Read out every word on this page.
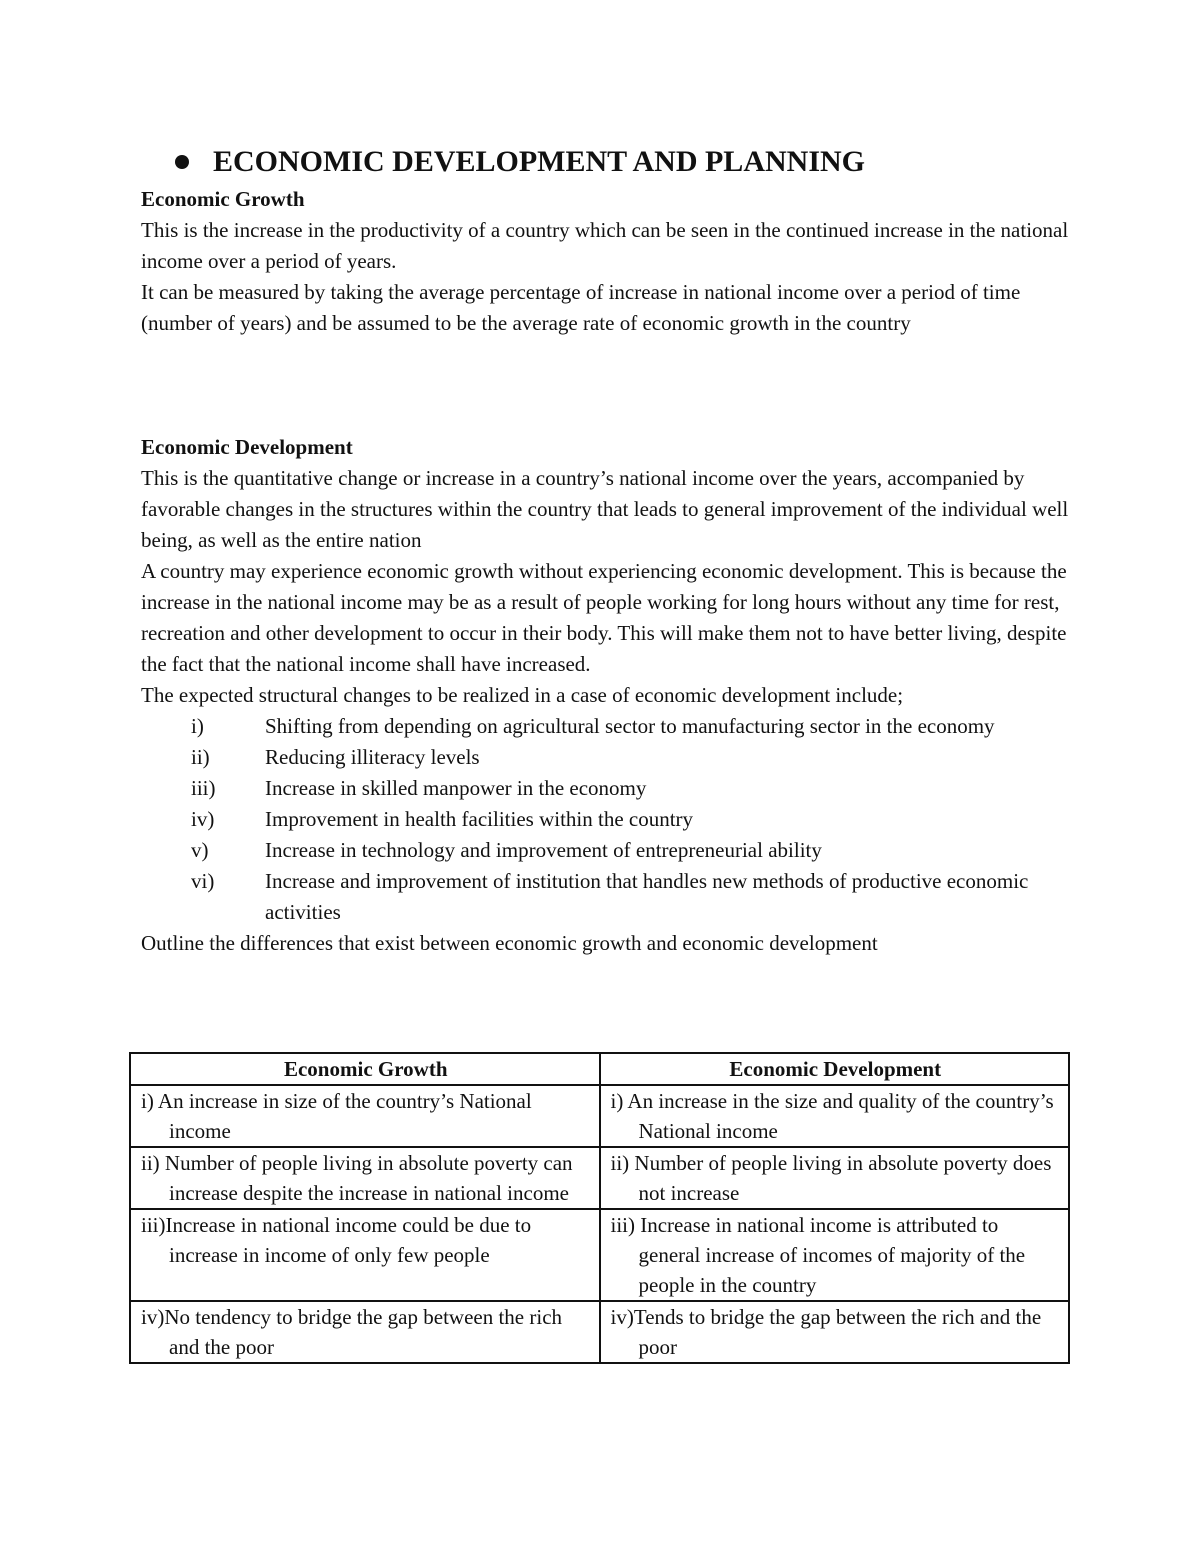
ECONOMIC DEVELOPMENT AND PLANNING

Economic Growth

This is the increase in the productivity of a country which can be seen in the continued increase in the national income over a period of years.

It can be measured by taking the average percentage of increase in national income over a period of time (number of years) and be assumed to be the average rate of economic growth in the country

Economic Development

This is the quantitative change or increase in a country’s national income over the years, accompanied by favorable changes in the structures within the country that leads to general improvement of the individual well being, as well as the entire nation

A country may experience economic growth without experiencing economic development. This is because the increase in the national income may be as a result of people working for long hours without any time for rest, recreation and other development to occur in their body. This will make them not to have better living, despite the fact that the national income shall have increased.

The expected structural changes to be realized in a case of economic development include;

i)	Shifting from depending on agricultural sector to manufacturing sector in the economy
ii)	Reducing illiteracy levels
iii)	Increase in skilled manpower in the economy
iv)	Improvement in health facilities within the country
v)	Increase in technology and improvement of entrepreneurial ability
vi)	Increase and improvement of institution that handles new methods of productive economic activities

Outline the differences that exist between economic growth and economic development

Economic Growth	Economic Development

i) An increase in size of the country’s National income	i) An increase in the size and quality of the country’s National income

ii) Number of people living in absolute poverty can increase despite the increase in national income	ii) Number of people living in absolute poverty does not increase

iii)Increase in national income could be due to increase in income of only few people	iii) Increase in national income is attributed to general increase of incomes of majority of the people in the country

iv)No tendency to bridge the gap between the rich and the poor	iv)Tends to bridge the gap between the rich and the poor
